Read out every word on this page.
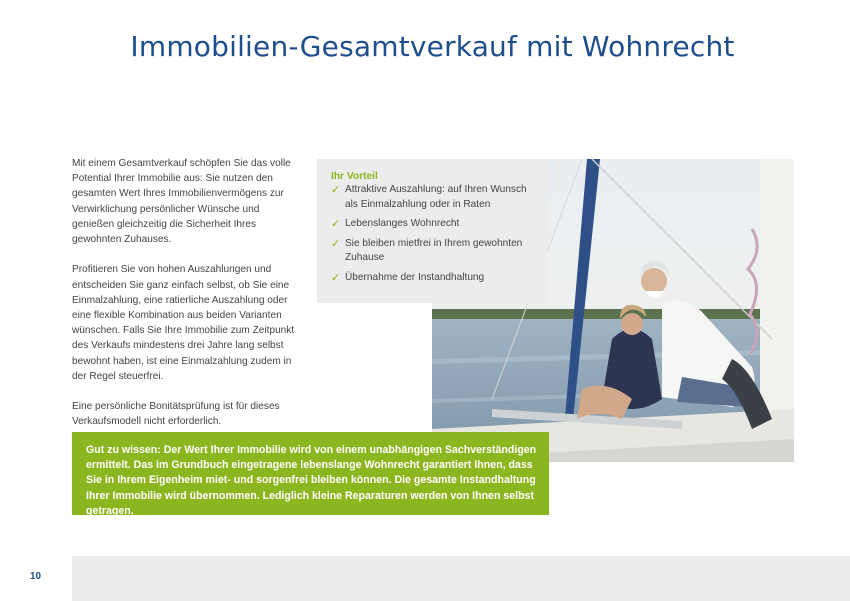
Immobilien-Gesamtverkauf mit Wohnrecht

Mit einem Gesamtverkauf schöpfen Sie das volle Potential Ihrer Immobilie aus: Sie nutzen den gesamten Wert Ihres Immobilienvermögens zur Verwirklichung persönlicher Wünsche und genießen gleichzeitig die Sicherheit Ihres gewohnten Zuhauses.

Profitieren Sie von hohen Auszahlungen und entscheiden Sie ganz einfach selbst, ob Sie eine Einmalzahlung, eine ratierliche Auszahlung oder eine flexible Kombination aus beiden Varianten wünschen. Falls Sie Ihre Immobilie zum Zeitpunkt des Verkaufs mindestens drei Jahre lang selbst bewohnt haben, ist eine Einmalzahlung zudem in der Regel steuerfrei.

Eine persönliche Bonitätsprüfung ist für dieses Verkaufsmodell nicht erforderlich.

Ihr Vorteil
✓ Attraktive Auszahlung: auf Ihren Wunsch als Einmalzahlung oder in Raten
✓ Lebenslanges Wohnrecht
✓ Sie bleiben mietfrei in Ihrem gewohnten Zuhause
✓ Übernahme der Instandhaltung
Gut zu wissen: Der Wert Ihrer Immobilie wird von einem unabhängigen Sachverständigen ermittelt. Das im Grundbuch eingetragene lebenslange Wohnrecht garantiert Ihnen, dass Sie in Ihrem Eigenheim miet- und sorgenfrei bleiben können. Die gesamte Instandhaltung Ihrer Immobilie wird übernommen. Lediglich kleine Reparaturen werden von Ihnen selbst getragen.
10
